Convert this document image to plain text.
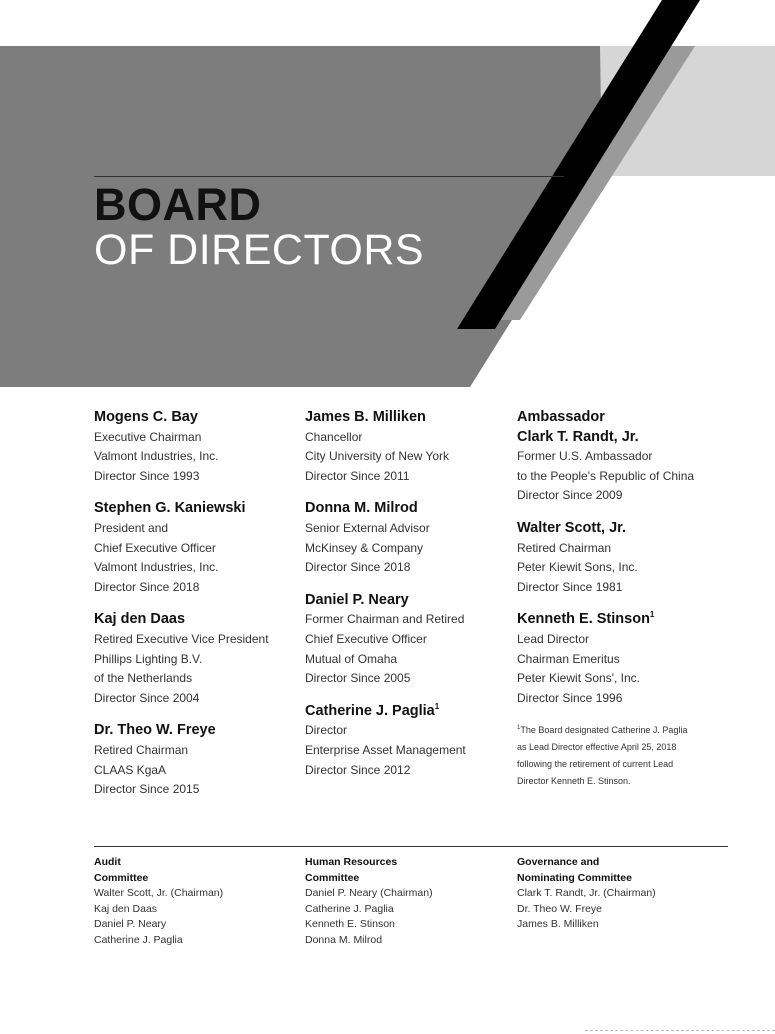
BOARD
OF DIRECTORS
Mogens C. Bay
Executive Chairman
Valmont Industries, Inc.
Director Since 1993
Stephen G. Kaniewski
President and
Chief Executive Officer
Valmont Industries, Inc.
Director Since 2018
Kaj den Daas
Retired Executive Vice President
Phillips Lighting B.V.
of the Netherlands
Director Since 2004
Dr. Theo W. Freye
Retired Chairman
CLAAS KgaA
Director Since 2015
James B. Milliken
Chancellor
City University of New York
Director Since 2011
Donna M. Milrod
Senior External Advisor
McKinsey & Company
Director Since 2018
Daniel P. Neary
Former Chairman and Retired
Chief Executive Officer
Mutual of Omaha
Director Since 2005
Catherine J. Paglia$^1$
Director
Enterprise Asset Management
Director Since 2012
Ambassador
Clark T. Randt, Jr.
Former U.S. Ambassador
to the People's Republic of China
Director Since 2009
Walter Scott, Jr.
Retired Chairman
Peter Kiewit Sons, Inc.
Director Since 1981
Kenneth E. Stinson$^1$
Lead Director
Chairman Emeritus
Peter Kiewit Sons', Inc.
Director Since 1996
$^1$The Board designated Catherine J. Paglia
as Lead Director effective April 25, 2018
following the retirement of current Lead
Director Kenneth E. Stinson.
Audit
Committee
Walter Scott, Jr. (Chairman)
Kaj den Daas
Daniel P. Neary
Catherine J. Paglia
Human Resources
Committee
Daniel P. Neary (Chairman)
Catherine J. Paglia
Kenneth E. Stinson
Donna M. Milrod
Governance and
Nominating Committee
Clark T. Randt, Jr. (Chairman)
Dr. Theo W. Freye
James B. Milliken
